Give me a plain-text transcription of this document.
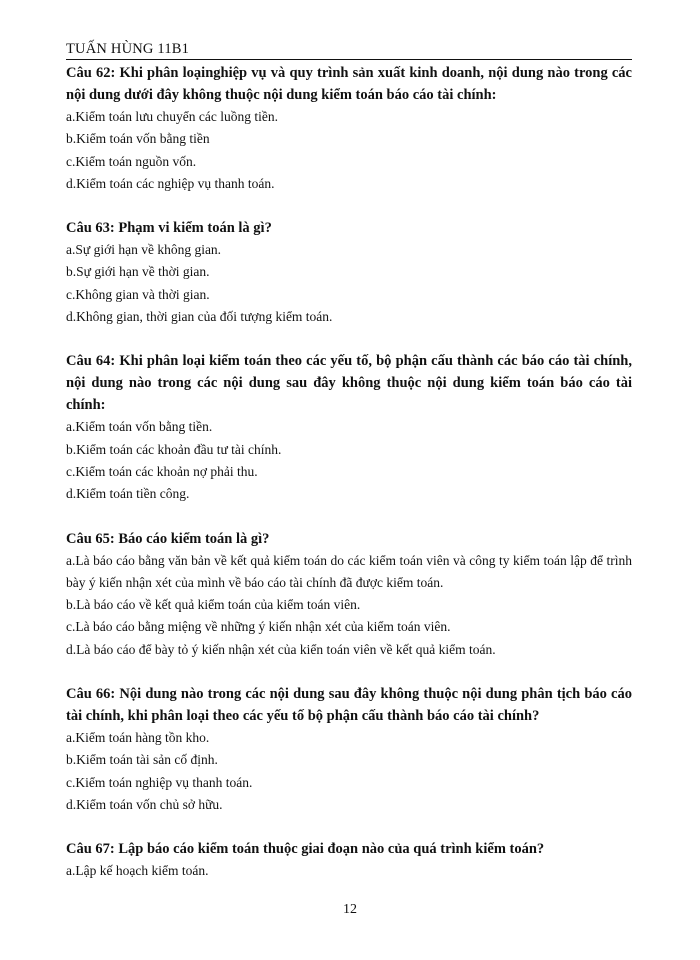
TUẤN HÙNG 11B1
Câu 62: Khi phân loạinghiệp vụ và quy trình sản xuất kinh doanh, nội dung nào trong các nội dung dưới đây không thuộc nội dung kiểm toán báo cáo tài chính:
a.Kiểm toán lưu chuyển các luồng tiền.
b.Kiểm toán vốn bằng tiền
c.Kiểm toán nguồn vốn.
d.Kiểm toán các nghiệp vụ thanh toán.
Câu 63: Phạm vi kiểm toán là gì?
a.Sự giới hạn về không gian.
b.Sự giới hạn về thời gian.
c.Không gian và thời gian.
d.Không gian, thời gian của đối tượng kiểm toán.
Câu 64: Khi phân loại kiểm toán theo các yếu tố, bộ phận cấu thành các báo cáo tài chính, nội dung nào trong các nội dung sau đây không thuộc nội dung kiểm toán báo cáo tài chính:
a.Kiểm toán vốn bằng tiền.
b.Kiểm toán các khoản đầu tư tài chính.
c.Kiểm toán các khoản nợ phải thu.
d.Kiểm toán tiền công.
Câu 65: Báo cáo kiểm toán là gì?
a.Là báo cáo bằng văn bản về kết quả kiểm toán do các kiểm toán viên và công ty kiểm toán lập để trình bày ý kiến nhận xét của mình về báo cáo tài chính đã được kiểm toán.
b.Là báo cáo về kết quả kiểm toán của kiểm toán viên.
c.Là báo cáo bằng miệng về những ý kiến nhận xét của kiểm toán viên.
d.Là báo cáo để bày tỏ ý kiến nhận xét của kiển toán viên về kết quả kiểm toán.
Câu 66: Nội dung nào trong các nội dung sau đây không thuộc nội dung phân tịch báo cáo tài chính, khi phân loại theo các yếu tố bộ phận cấu thành báo cáo tài chính?
a.Kiểm toán hàng tồn kho.
b.Kiểm toán tài sản cố định.
c.Kiểm toán nghiệp vụ thanh toán.
d.Kiểm toán vốn chủ sở hữu.
Câu 67: Lập báo cáo kiểm toán thuộc giai đoạn nào của quá trình kiểm toán?
a.Lập kế hoạch kiểm toán.
12
